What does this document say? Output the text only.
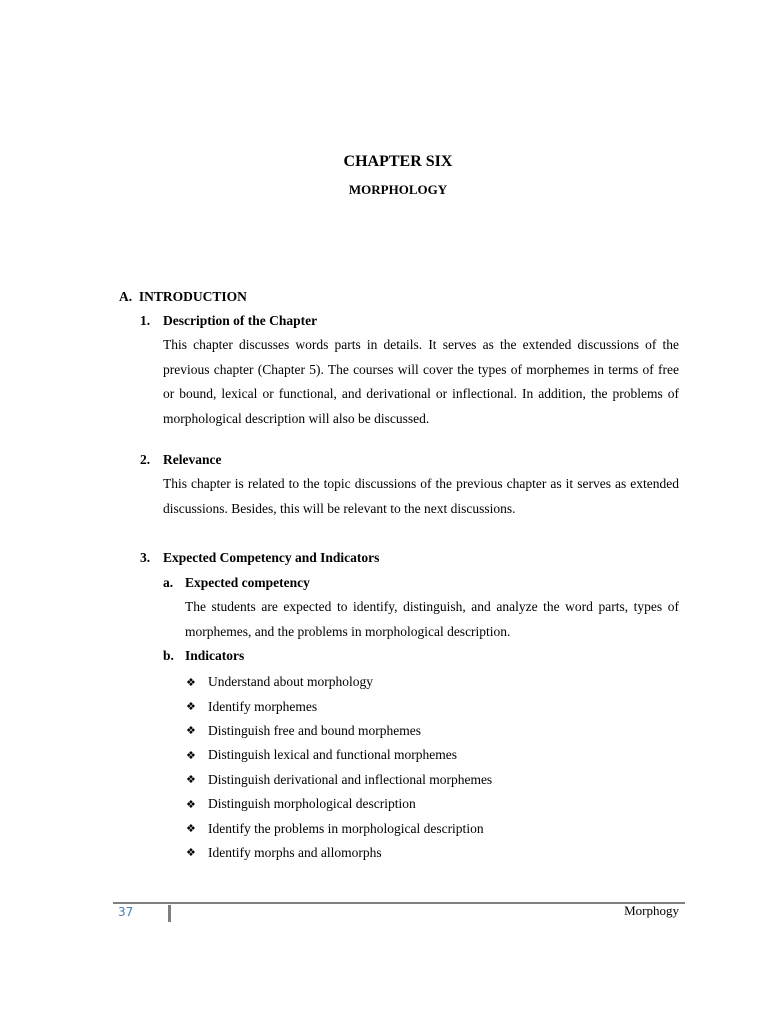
CHAPTER SIX
MORPHOLOGY
A. INTRODUCTION
1. Description of the Chapter

This chapter discusses words parts in details. It serves as the extended discussions of the previous chapter (Chapter 5). The courses will cover the types of morphemes in terms of free or bound, lexical or functional, and derivational or inflectional. In addition, the problems of morphological description will also be discussed.

2. Relevance

This chapter is related to the topic discussions of the previous chapter as it serves as extended discussions. Besides, this will be relevant to the next discussions.

3. Expected Competency and Indicators
a. Expected competency

The students are expected to identify, distinguish, and analyze the word parts, types of morphemes, and the problems in morphological description.

b. Indicators
❖ Understand about morphology
❖ Identify morphemes
❖ Distinguish free and bound morphemes
❖ Distinguish lexical and functional morphemes
❖ Distinguish derivational and inflectional morphemes
❖ Distinguish morphological description
❖ Identify the problems in morphological description
❖ Identify morphs and allomorphs
37	Morphogy
